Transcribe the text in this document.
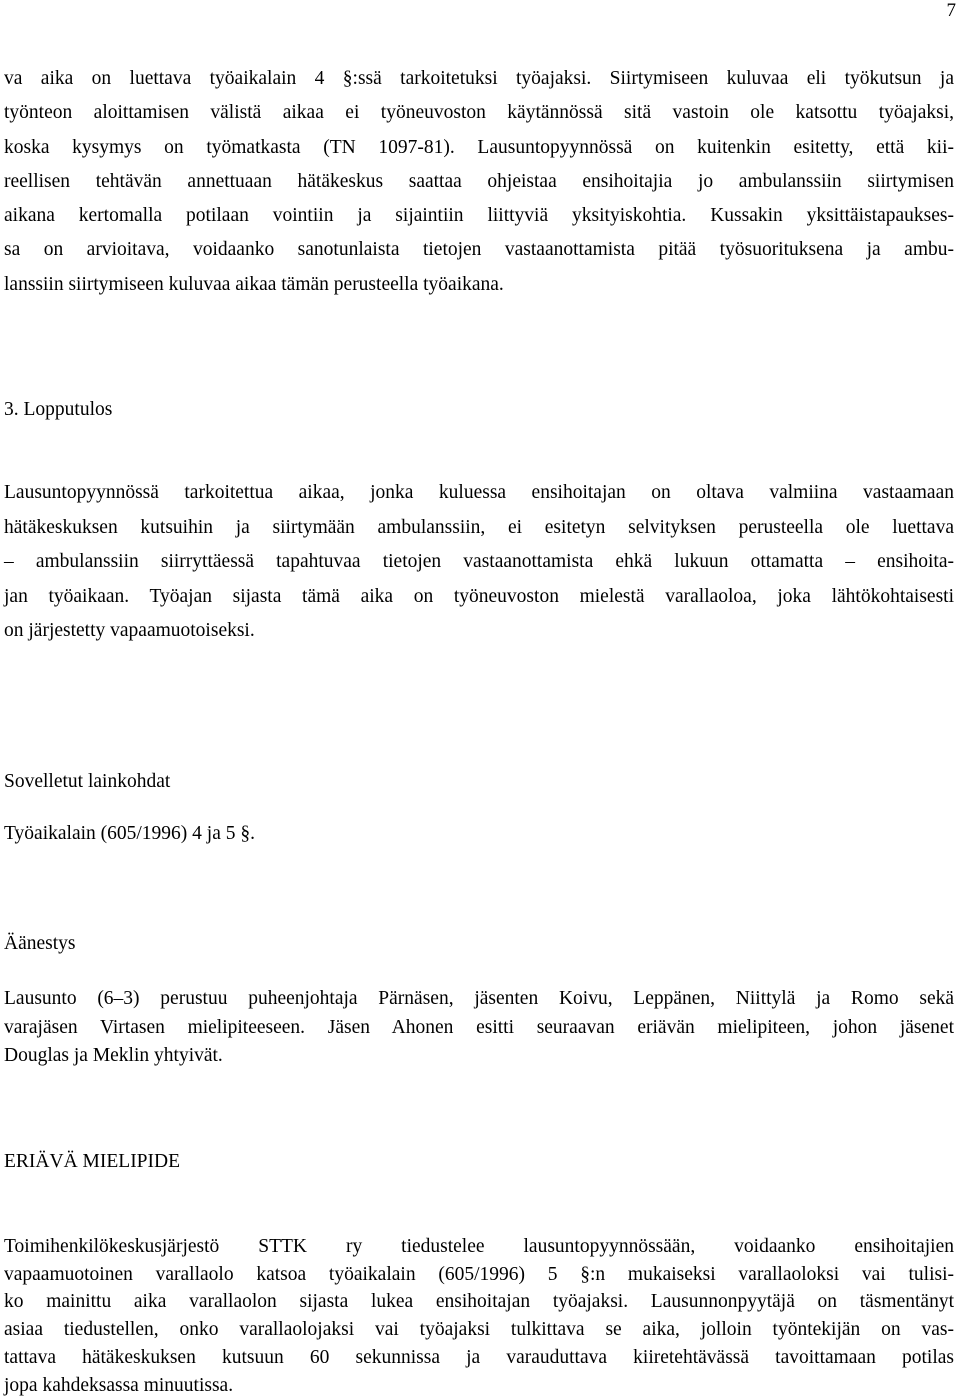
7
va aika on luettava työaikalain 4 §:ssä tarkoitetuksi työajaksi. Siirtymiseen kuluvaa eli työkutsun ja
työnteon aloittamisen välistä aikaa ei työneuvoston käytännössä sitä vastoin ole katsottu työajaksi,
koska kysymys on työmatkasta (TN 1097-81). Lausuntopyynnössä on kuitenkin esitetty, että kii-
reellisen tehtävän annettuaan hätäkeskus saattaa ohjeistaa ensihoitajia jo ambulanssiin siirtymisen
aikana kertomalla potilaan vointiin ja sijaintiin liittyviä yksityiskohtia. Kussakin yksittäistapaukses-
sa on arvioitava, voidaanko sanotunlaista tietojen vastaanottamista pitää työsuorituksena ja ambu-
lanssiin siirtymiseen kuluvaa aikaa tämän perusteella työaikana.
3. Lopputulos
Lausuntopyynnössä tarkoitettua aikaa, jonka kuluessa ensihoitajan on oltava valmiina vastaamaan
hätäkeskuksen kutsuihin ja siirtymään ambulanssiin, ei esitetyn selvityksen perusteella ole luettava
– ambulanssiin siirryttäessä tapahtuvaa tietojen vastaanottamista ehkä lukuun ottamatta – ensihoita-
jan työaikaan. Työajan sijasta tämä aika on työneuvoston mielestä varallaoloa, joka lähtökohtaisesti
on järjestetty vapaamuotoiseksi.
Sovelletut lainkohdat
Työaikalain (605/1996) 4 ja 5 §.
Äänestys
Lausunto (6–3) perustuu puheenjohtaja Pärnäsen, jäsenten Koivu, Leppänen, Niittylä ja Romo sekä
varajäsen Virtasen mielipiteeseen. Jäsen Ahonen esitti seuraavan eriävän mielipiteen, johon jäsenet
Douglas ja Meklin yhtyivät.
ERIÄVÄ MIELIPIDE
Toimihenkilökeskusjärjestö STTK ry tiedustelee lausuntopyynnössään, voidaanko ensihoitajien
vapaamuotoinen varallaolo katsoa työaikalain (605/1996) 5 §:n mukaiseksi varallaoloksi vai tulisi-
ko mainittu aika varallaolon sijasta lukea ensihoitajan työajaksi. Lausunnonpyytäjä on täsmentänyt
asiaa tiedustellen, onko varallaolojaksi vai työajaksi tulkittava se aika, jolloin työntekijän on vas-
tattava hätäkeskuksen kutsuun 60 sekunnissa ja varauduttava kiiretehtävässä tavoittamaan potilas
jopa kahdeksassa minuutissa.
